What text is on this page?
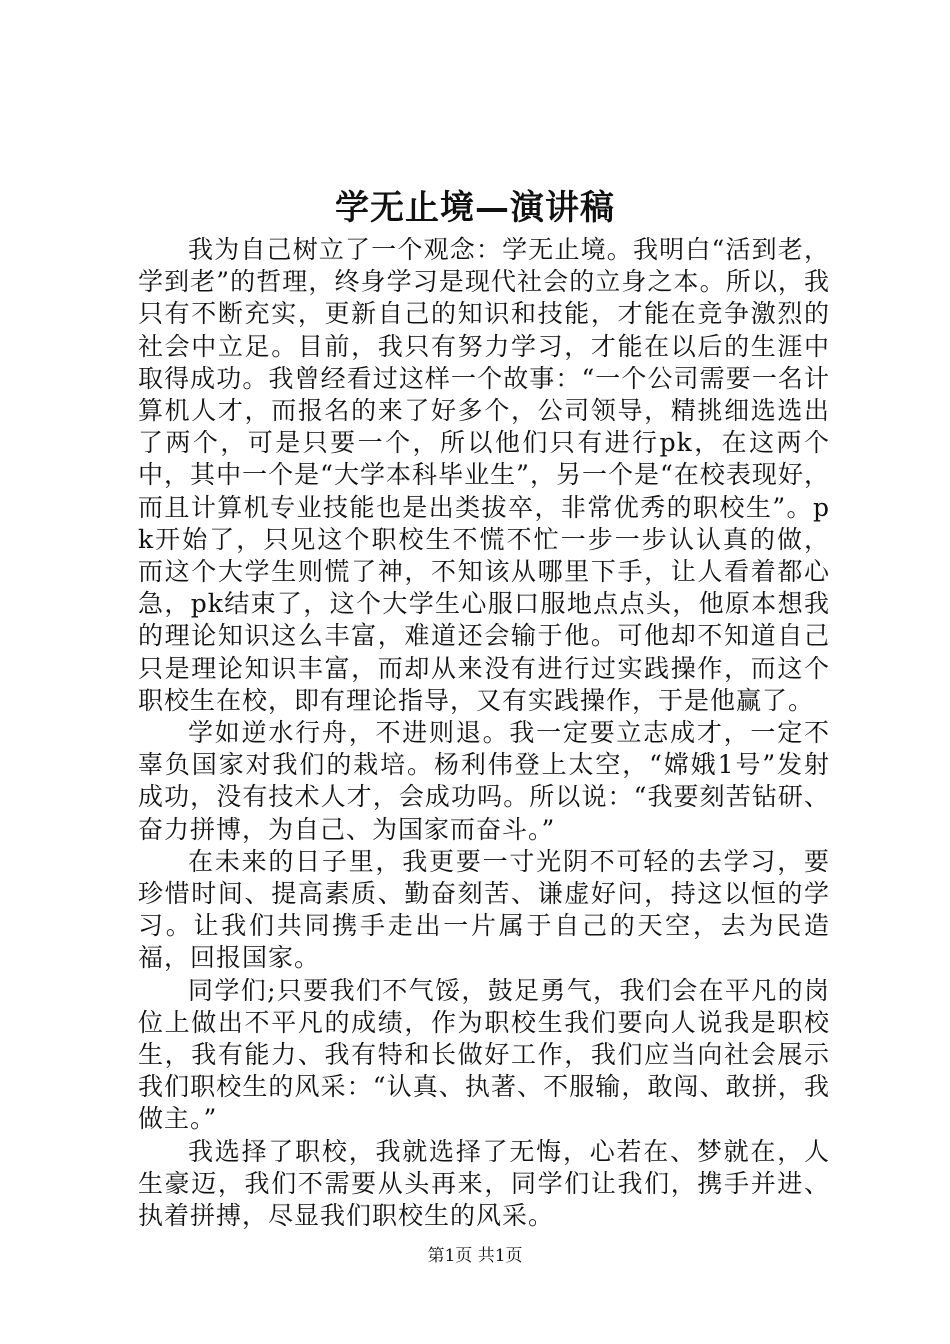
学无止境—演讲稿

我为自己树立了一个观念：学无止境。我明白“活到老，学到老”的哲理，终身学习是现代社会的立身之本。所以，我只有不断充实，更新自己的知识和技能，才能在竞争激烈的社会中立足。目前，我只有努力学习，才能在以后的生涯中取得成功。我曾经看过这样一个故事：“一个公司需要一名计算机人才，而报名的来了好多个，公司领导，精挑细选选出了两个，可是只要一个，所以他们只有进行pk，在这两个中，其中一个是“大学本科毕业生”，另一个是“在校表现好，而且计算机专业技能也是出类拔卒，非常优秀的职校生”。pk开始了，只见这个职校生不慌不忙一步一步认认真的做，而这个大学生则慌了神，不知该从哪里下手，让人看着都心急，pk结束了，这个大学生心服口服地点点头，他原本想我的理论知识这么丰富，难道还会输于他。可他却不知道自己只是理论知识丰富，而却从来没有进行过实践操作，而这个职校生在校，即有理论指导，又有实践操作，于是他赢了。

学如逆水行舟，不进则退。我一定要立志成才，一定不辜负国家对我们的栽培。杨利伟登上太空，“嫦娥1号”发射成功，没有技术人才，会成功吗。所以说：“我要刻苦钻研、奋力拼博，为自己、为国家而奋斗。”

在未来的日子里，我更要一寸光阴不可轻的去学习，要珍惜时间、提高素质、勤奋刻苦、谦虚好问，持这以恒的学习。让我们共同携手走出一片属于自己的天空，去为民造福，回报国家。

同学们;只要我们不气馁，鼓足勇气，我们会在平凡的岗位上做出不平凡的成绩，作为职校生我们要向人说我是职校生，我有能力、我有特和长做好工作，我们应当向社会展示我们职校生的风采：“认真、执著、不服输，敢闯、敢拼，我做主。”

我选择了职校，我就选择了无悔，心若在、梦就在，人生豪迈，我们不需要从头再来，同学们让我们，携手并进、执着拼搏，尽显我们职校生的风采。

第1页 共1页
